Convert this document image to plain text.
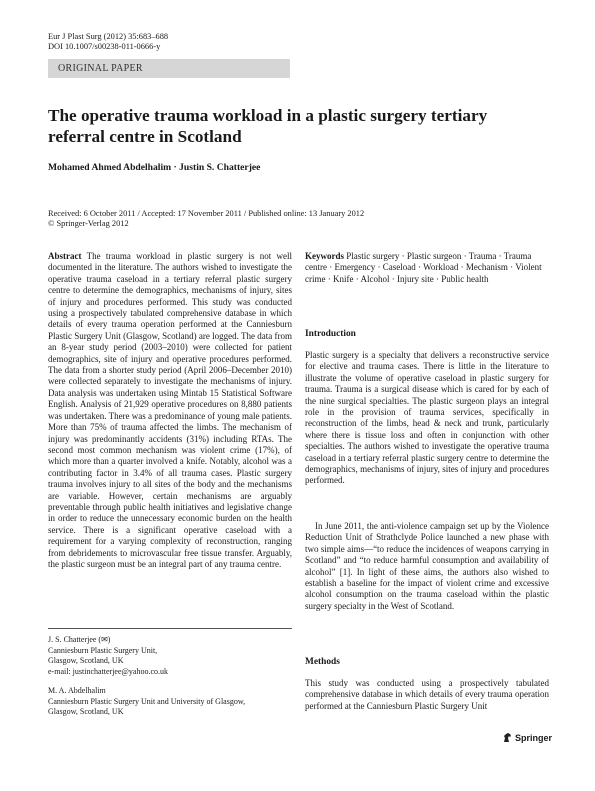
Eur J Plast Surg (2012) 35:683–688
DOI 10.1007/s00238-011-0666-y
ORIGINAL PAPER
The operative trauma workload in a plastic surgery tertiary referral centre in Scotland
Mohamed Ahmed Abdelhalim · Justin S. Chatterjee
Received: 6 October 2011 / Accepted: 17 November 2011 / Published online: 13 January 2012
© Springer-Verlag 2012
Abstract The trauma workload in plastic surgery is not well documented in the literature. The authors wished to investigate the operative trauma caseload in a tertiary referral plastic surgery centre to determine the demographics, mechanisms of injury, sites of injury and procedures performed. This study was conducted using a prospectively tabulated comprehensive database in which details of every trauma operation performed at the Canniesburn Plastic Surgery Unit (Glasgow, Scotland) are logged. The data from an 8-year study period (2003–2010) were collected for patient demographics, site of injury and operative procedures performed. The data from a shorter study period (April 2006–December 2010) were collected separately to investigate the mechanisms of injury. Data analysis was undertaken using Mintab 15 Statistical Software English. Analysis of 21,929 operative procedures on 8,880 patients was undertaken. There was a predominance of young male patients. More than 75% of trauma affected the limbs. The mechanism of injury was predominantly accidents (31%) including RTAs. The second most common mechanism was violent crime (17%), of which more than a quarter involved a knife. Notably, alcohol was a contributing factor in 3.4% of all trauma cases. Plastic surgery trauma involves injury to all sites of the body and the mechanisms are variable. However, certain mechanisms are arguably preventable through public health initiatives and legislative change in order to reduce the unnecessary economic burden on the health service. There is a significant operative caseload with a requirement for a varying complexity of reconstruction, ranging from debridements to microvascular free tissue transfer. Arguably, the plastic surgeon must be an integral part of any trauma centre.
J. S. Chatterjee (✉)
Canniesburn Plastic Surgery Unit,
Glasgow, Scotland, UK
e-mail: justinchatterjee@yahoo.co.uk
M. A. Abdelhalim
Canniesburn Plastic Surgery Unit and University of Glasgow,
Glasgow, Scotland, UK
Keywords Plastic surgery · Plastic surgeon · Trauma · Trauma centre · Emergency · Caseload · Workload · Mechanism · Violent crime · Knife · Alcohol · Injury site · Public health
Introduction
Plastic surgery is a specialty that delivers a reconstructive service for elective and trauma cases. There is little in the literature to illustrate the volume of operative caseload in plastic surgery for trauma. Trauma is a surgical disease which is cared for by each of the nine surgical specialties. The plastic surgeon plays an integral role in the provision of trauma services, specifically in reconstruction of the limbs, head & neck and trunk, particularly where there is tissue loss and often in conjunction with other specialties. The authors wished to investigate the operative trauma caseload in a tertiary referral plastic surgery centre to determine the demographics, mechanisms of injury, sites of injury and procedures performed.
In June 2011, the anti-violence campaign set up by the Violence Reduction Unit of Strathclyde Police launched a new phase with two simple aims—“to reduce the incidences of weapons carrying in Scotland” and “to reduce harmful consumption and availability of alcohol” [1]. In light of these aims, the authors also wished to establish a baseline for the impact of violent crime and excessive alcohol consumption on the trauma caseload within the plastic surgery specialty in the West of Scotland.
Methods
This study was conducted using a prospectively tabulated comprehensive database in which details of every trauma operation performed at the Canniesburn Plastic Surgery Unit
Springer
